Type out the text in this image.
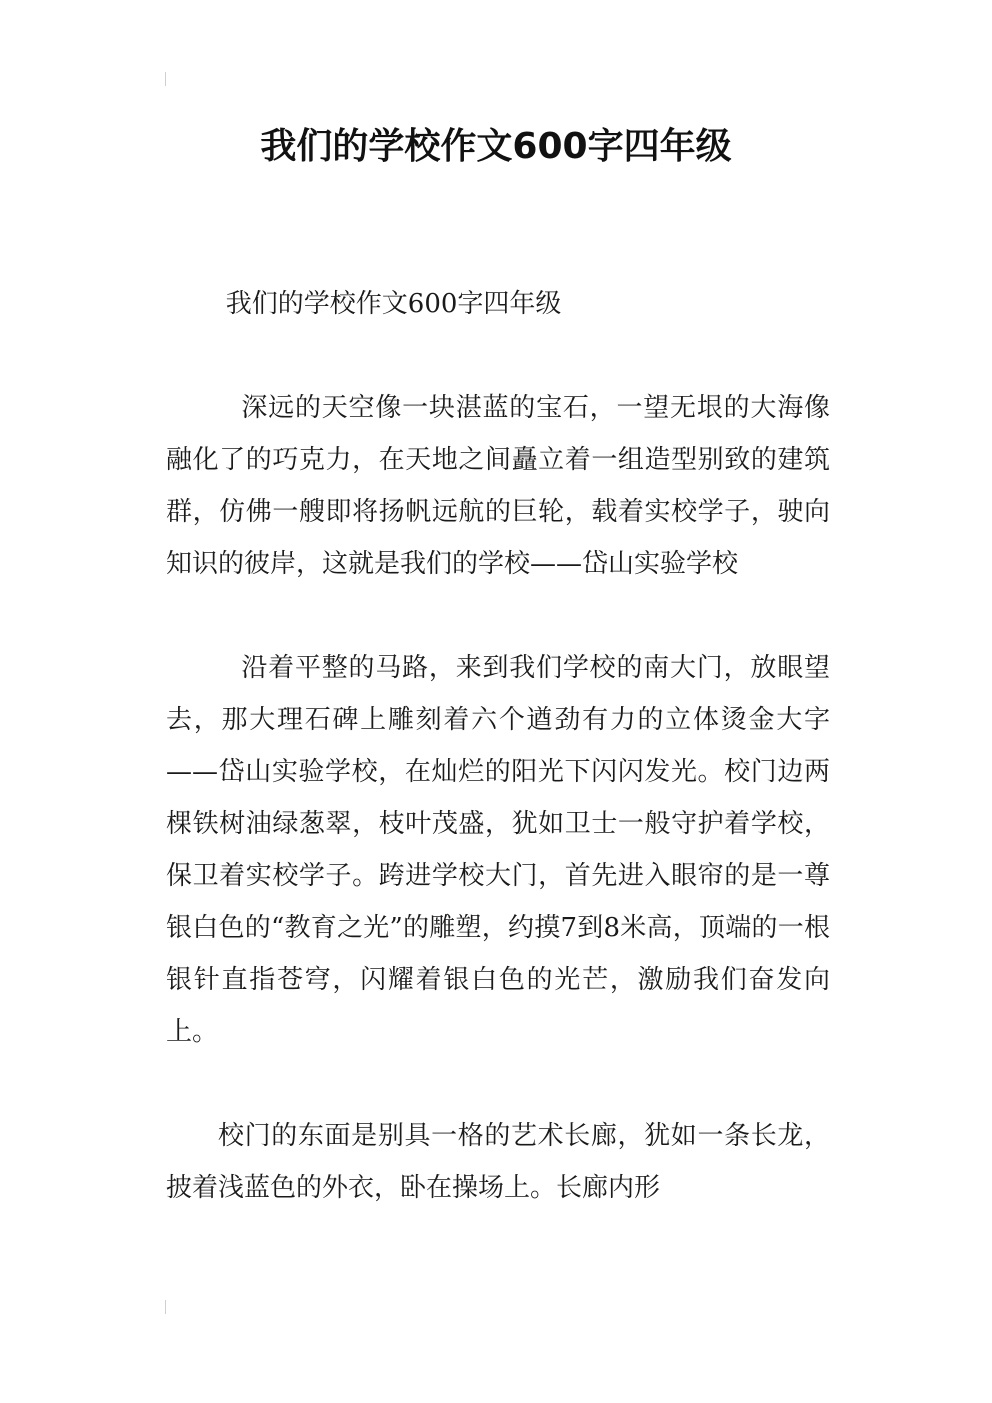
我们的学校作文600字四年级

我们的学校作文600字四年级

深远的天空像一块湛蓝的宝石，一望无垠的大海像融化了的巧克力，在天地之间矗立着一组造型别致的建筑群，仿佛一艘即将扬帆远航的巨轮，载着实校学子，驶向知识的彼岸，这就是我们的学校——岱山实验学校

沿着平整的马路，来到我们学校的南大门，放眼望去，那大理石碑上雕刻着六个遒劲有力的立体烫金大字——岱山实验学校，在灿烂的阳光下闪闪发光。校门边两棵铁树油绿葱翠，枝叶茂盛，犹如卫士一般守护着学校，保卫着实校学子。跨进学校大门，首先进入眼帘的是一尊银白色的“教育之光”的雕塑，约摸7到8米高，顶端的一根银针直指苍穹，闪耀着银白色的光芒，激励我们奋发向上。

校门的东面是别具一格的艺术长廊，犹如一条长龙，披着浅蓝色的外衣，卧在操场上。长廊内形
